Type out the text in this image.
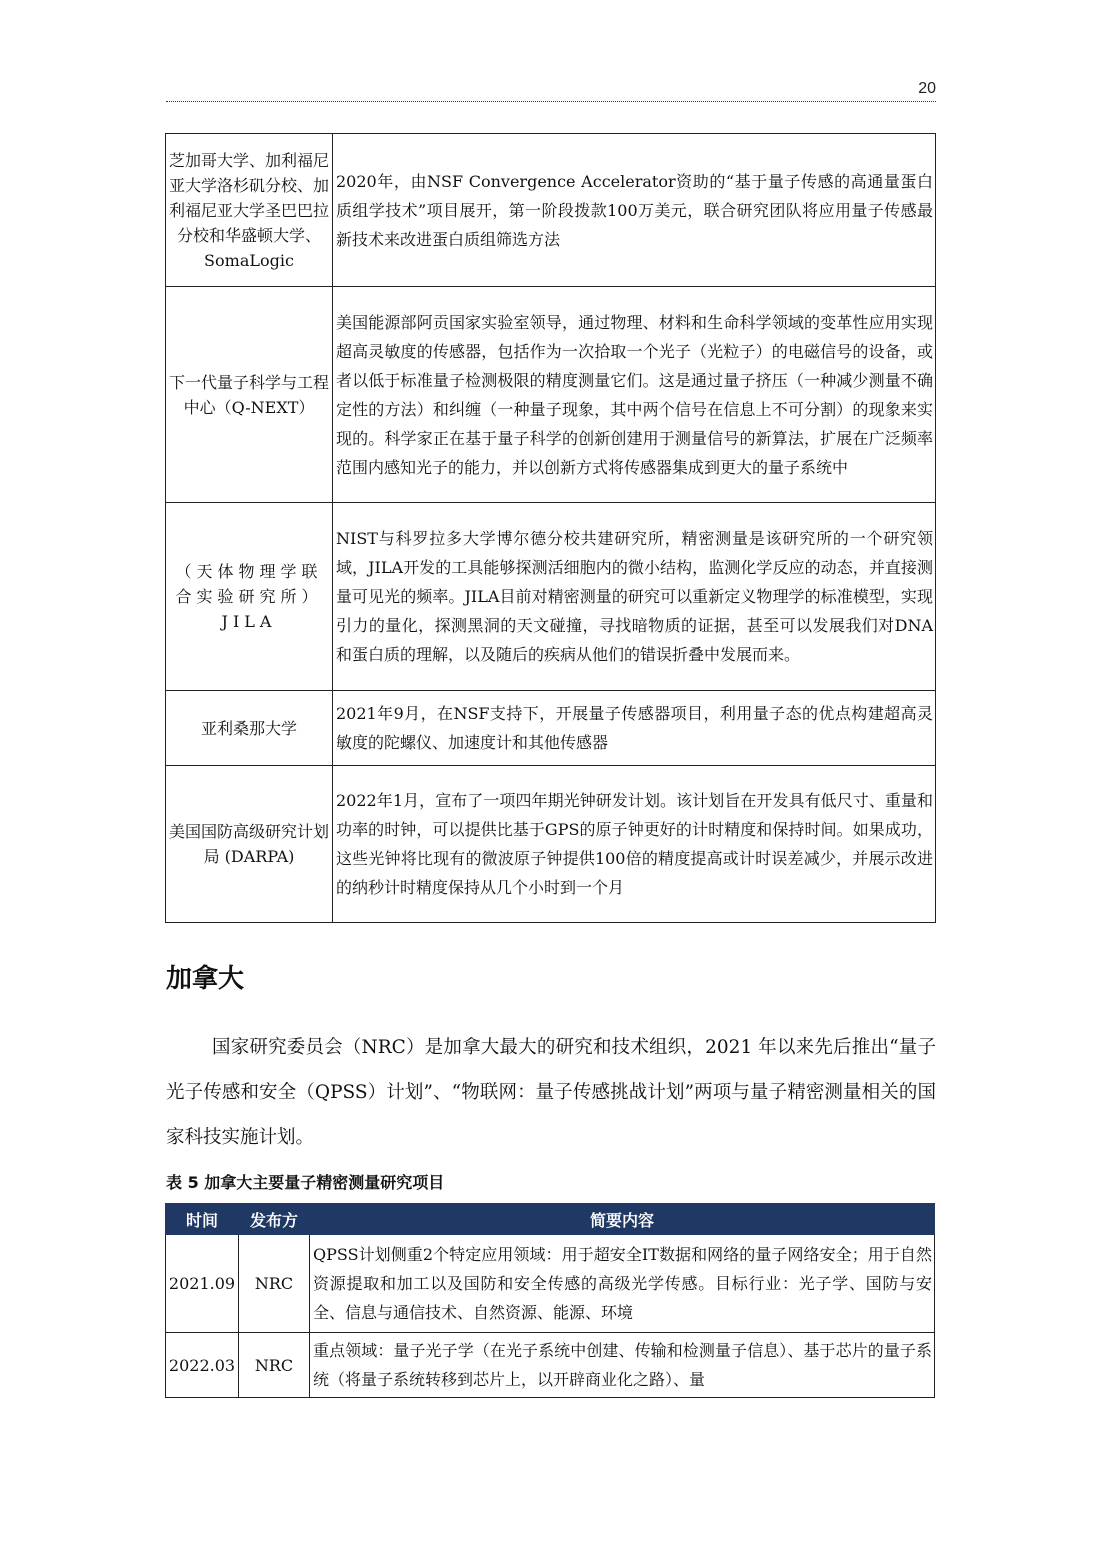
20
芝加哥大学、加利福尼亚大学洛杉矶分校、加利福尼亚大学圣巴巴拉分校和华盛顿大学、SomaLogic	2020年，由NSF Convergence Accelerator资助的“基于量子传感的高通量蛋白质组学技术”项目展开，第一阶段拨款100万美元，联合研究团队将应用量子传感最新技术来改进蛋白质组筛选方法
下一代量子科学与工程中心（Q-NEXT）	美国能源部阿贡国家实验室领导，通过物理、材料和生命科学领域的变革性应用实现超高灵敏度的传感器，包括作为一次拾取一个光子（光粒子）的电磁信号的设备，或者以低于标准量子检测极限的精度测量它们。这是通过量子挤压（一种减少测量不确定性的方法）和纠缠（一种量子现象，其中两个信号在信息上不可分割）的现象来实现的。科学家正在基于量子科学的创新创建用于测量信号的新算法，扩展在广泛频率范围内感知光子的能力，并以创新方式将传感器集成到更大的量子系统中
（天体物理学联合实验研究所）JILA	NIST与科罗拉多大学博尔德分校共建研究所，精密测量是该研究所的一个研究领域，JILA开发的工具能够探测活细胞内的微小结构，监测化学反应的动态，并直接测量可见光的频率。JILA目前对精密测量的研究可以重新定义物理学的标准模型，实现引力的量化，探测黑洞的天文碰撞，寻找暗物质的证据，甚至可以发展我们对DNA和蛋白质的理解，以及随后的疾病从他们的错误折叠中发展而来。
亚利桑那大学	2021年9月，在NSF支持下，开展量子传感器项目，利用量子态的优点构建超高灵敏度的陀螺仪、加速度计和其他传感器
美国国防高级研究计划局 (DARPA)	2022年1月，宣布了一项四年期光钟研发计划。该计划旨在开发具有低尺寸、重量和功率的时钟，可以提供比基于GPS的原子钟更好的计时精度和保持时间。如果成功，这些光钟将比现有的微波原子钟提供100倍的精度提高或计时误差减少，并展示改进的纳秒计时精度保持从几个小时到一个月
加拿大

国家研究委员会（NRC）是加拿大最大的研究和技术组织，2021 年以来先后推出“量子光子传感和安全（QPSS）计划”、“物联网：量子传感挑战计划”两项与量子精密测量相关的国家科技实施计划。

表 5 加拿大主要量子精密测量研究项目
时间	发布方	简要内容
2021.09	NRC	QPSS计划侧重2个特定应用领域：用于超安全IT数据和网络的量子网络安全；用于自然资源提取和加工以及国防和安全传感的高级光学传感。目标行业：光子学、国防与安全、信息与通信技术、自然资源、能源、环境
2022.03	NRC	重点领域：量子光子学（在光子系统中创建、传输和检测量子信息）、基于芯片的量子系统（将量子系统转移到芯片上，以开辟商业化之路）、量
